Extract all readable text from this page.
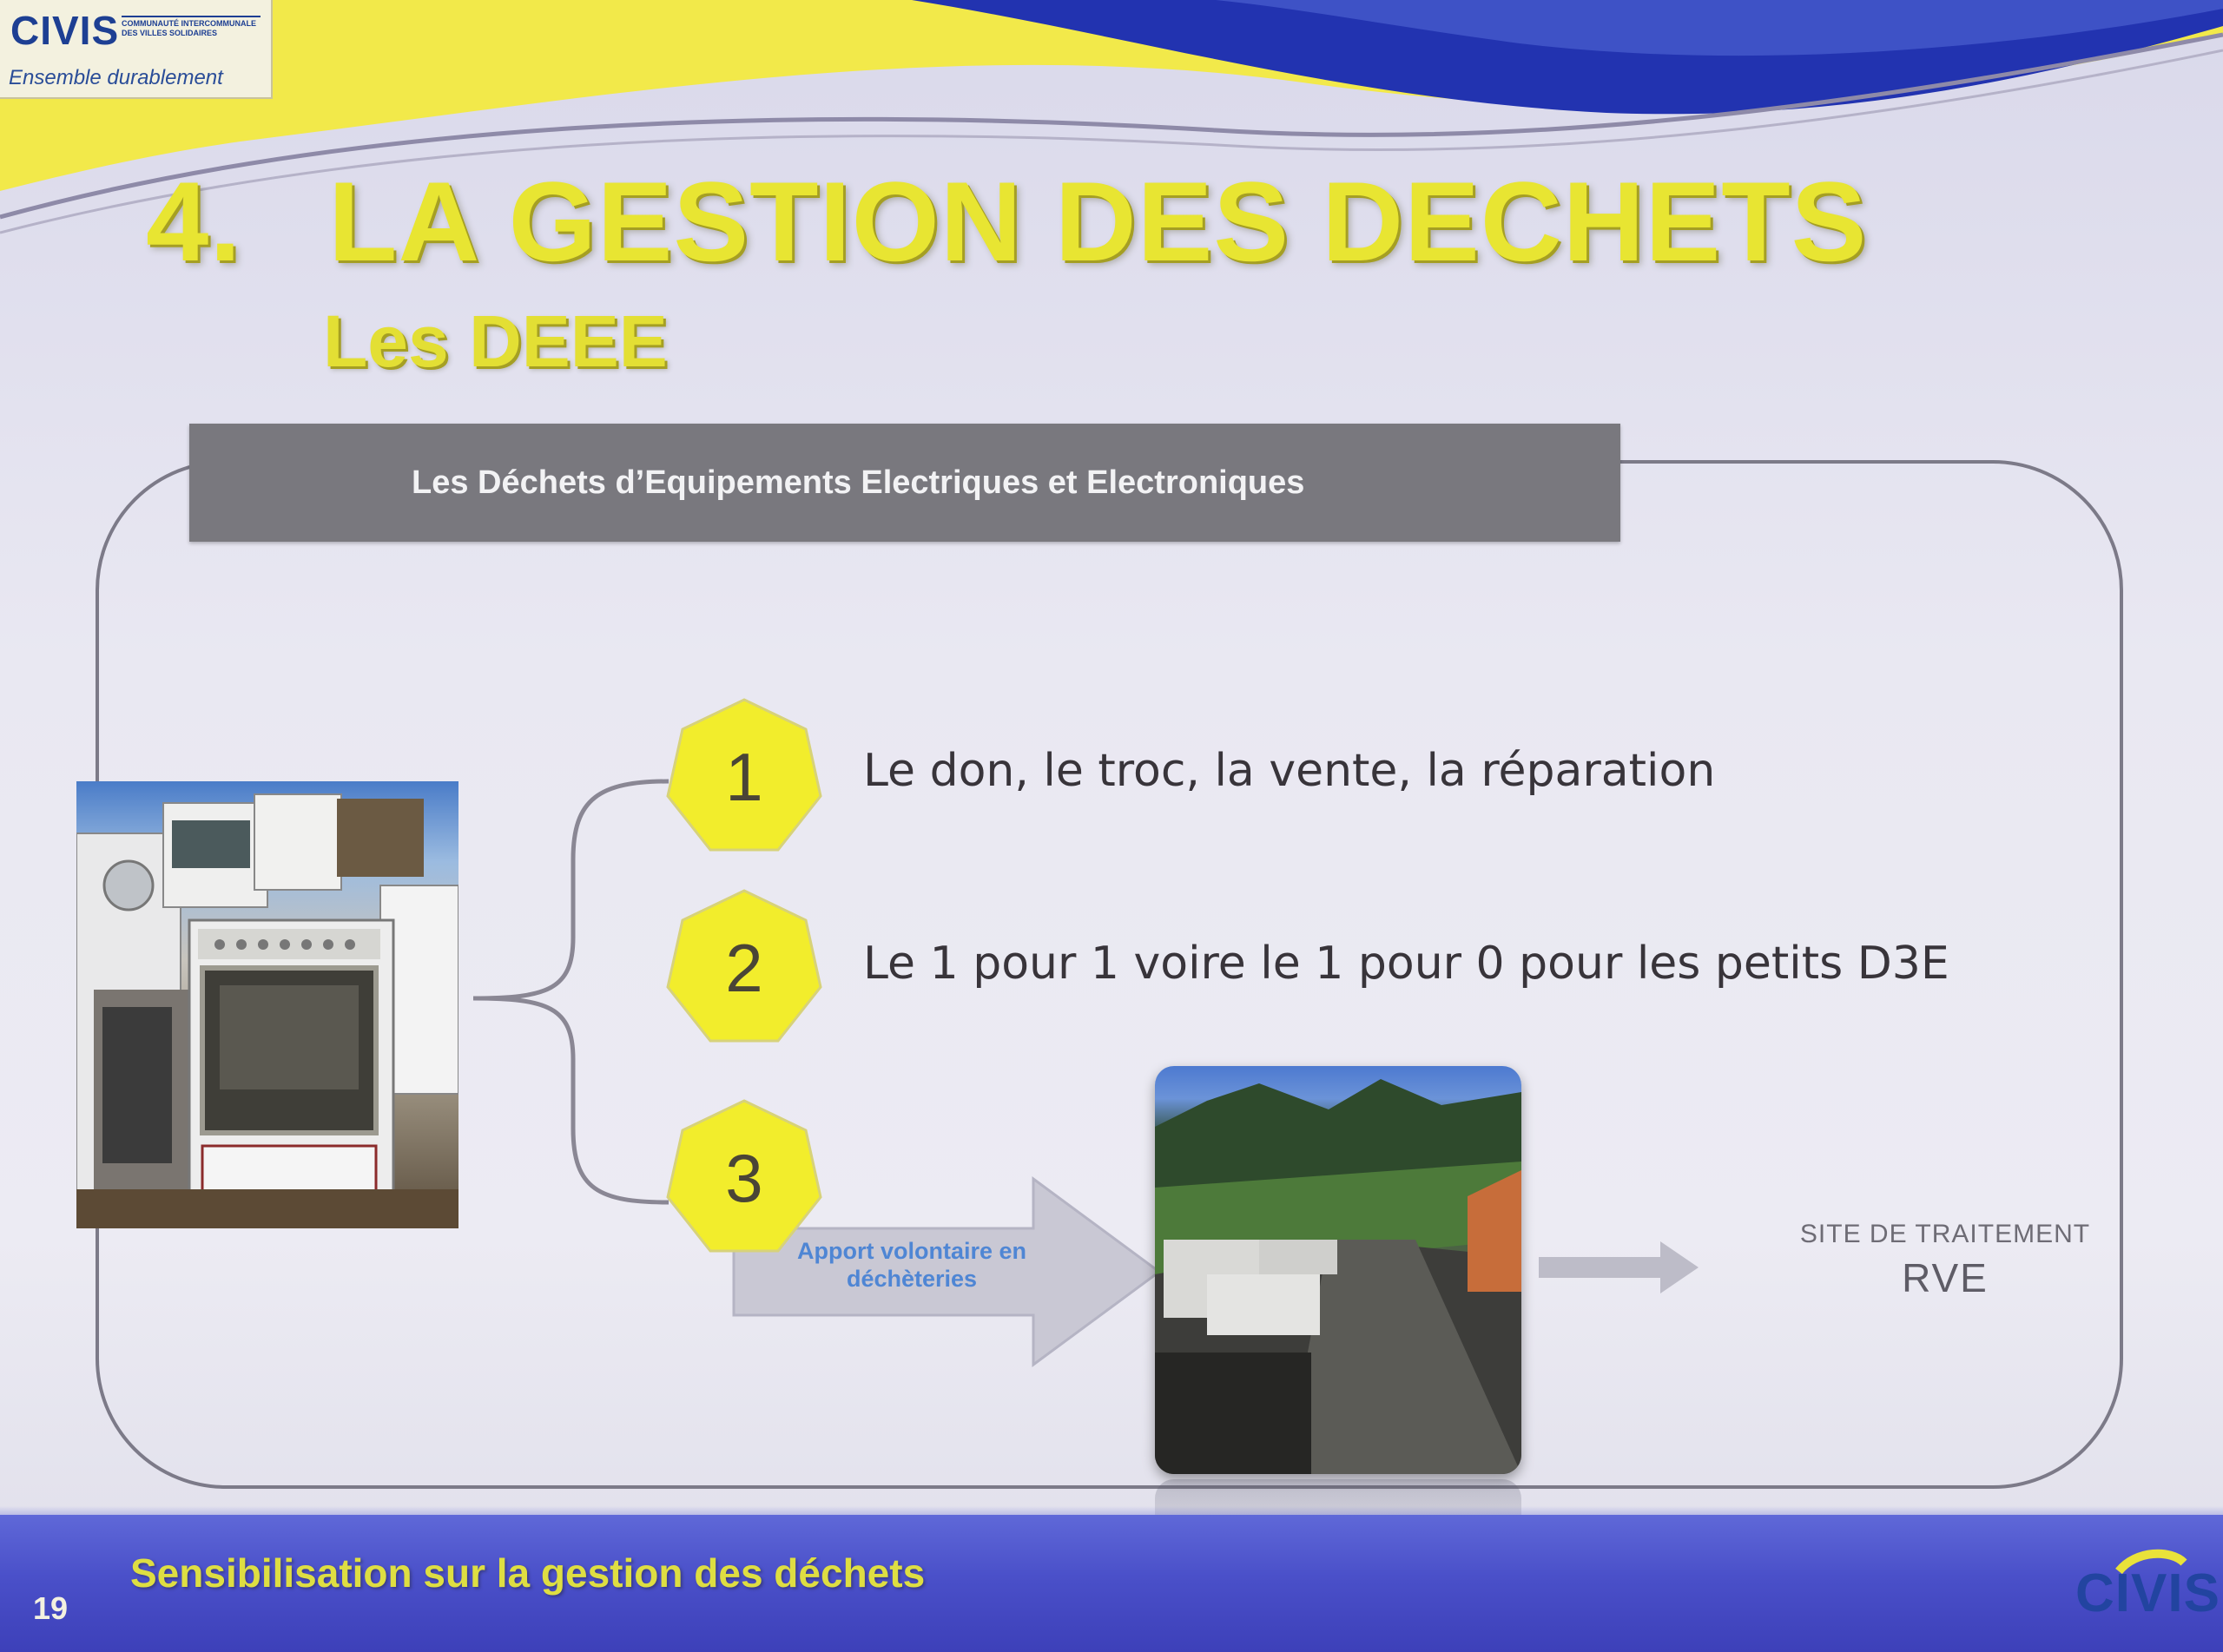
CIVIS COMMUNAUTÉ INTERCOMMUNALE DES VILLES SOLIDAIRES
Ensemble durablement
4. LA GESTION DES DECHETS
Les DEEE
Les Déchets d’Equipements Electriques et Electroniques
1	Le don, le troc, la vente, la réparation
2	Le 1 pour 1 voire le 1 pour 0 pour les petits D3E
Apport volontaire en déchèteries
3
SITE DE TRAITEMENT
RVE
19
Sensibilisation sur la gestion des déchets	CIVIS
